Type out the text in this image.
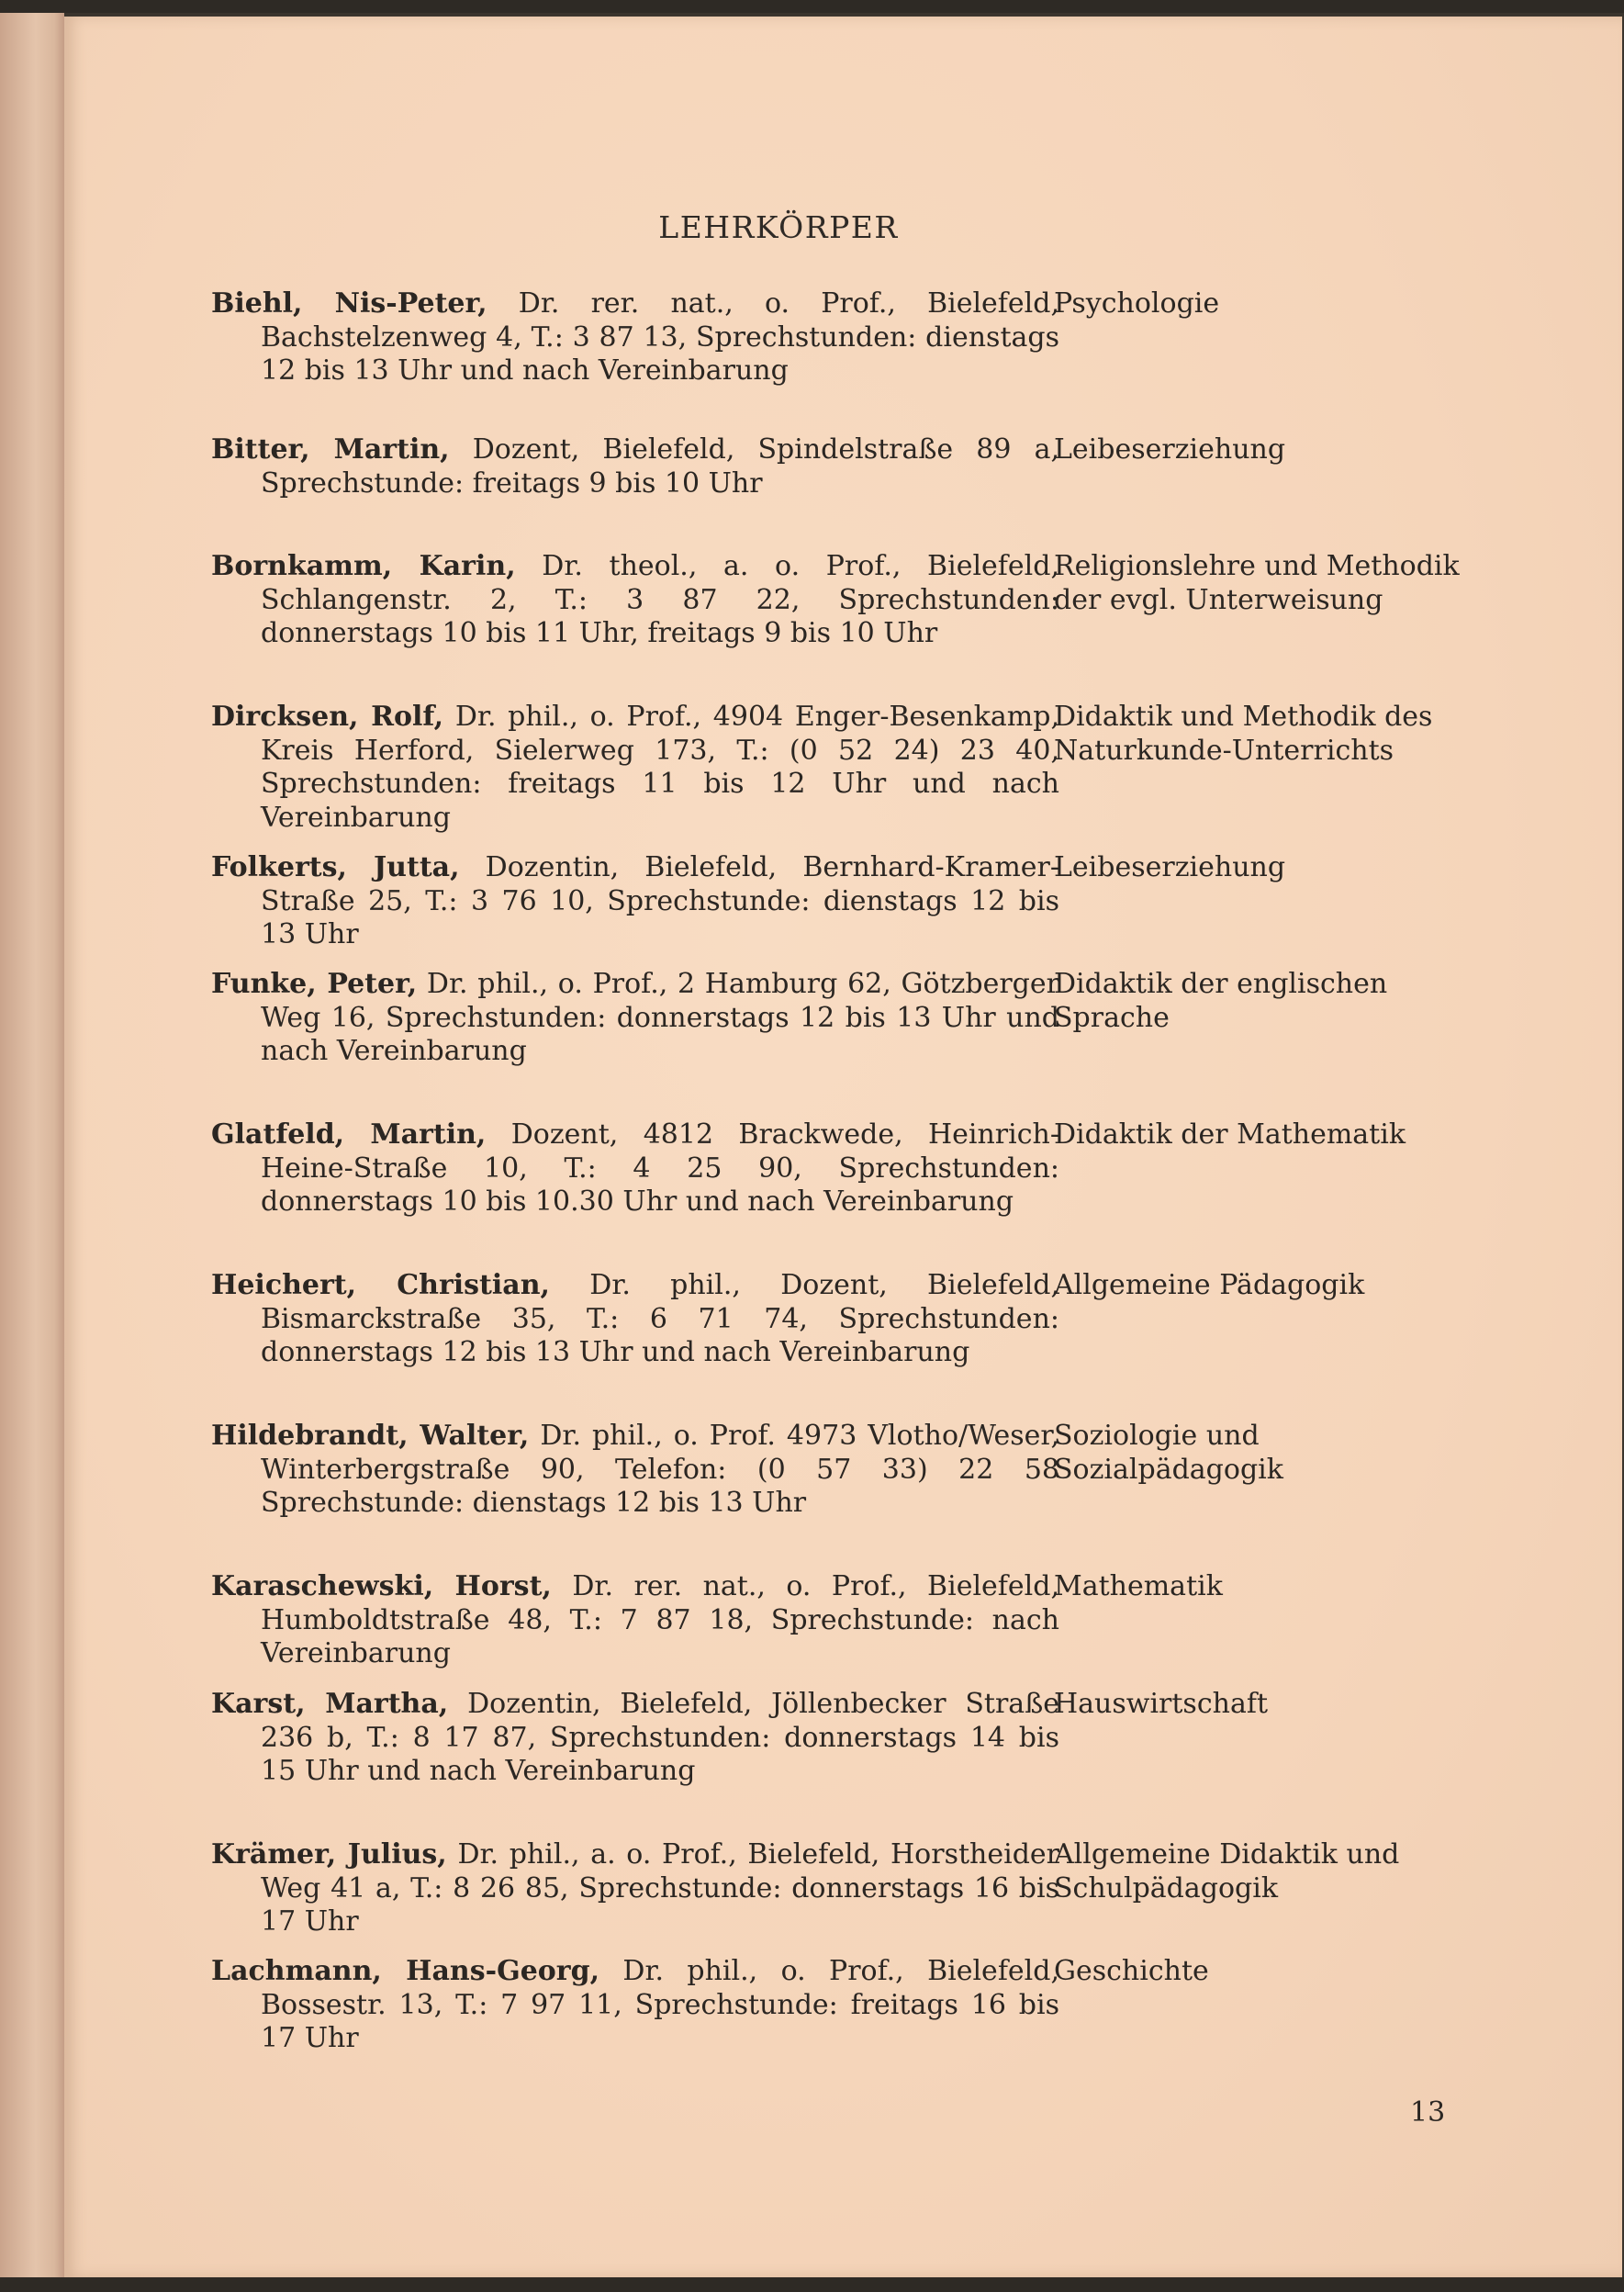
LEHRKÖRPER
Biehl, Nis-Peter, Dr. rer. nat., o. Prof., Bielefeld, Bachstelzenweg 4, T.: 3 87 13, Sprechstunden: dienstags 12 bis 13 Uhr und nach Vereinbarung
Psychologie
Bitter, Martin, Dozent, Bielefeld, Spindelstraße 89 a, Sprechstunde: freitags 9 bis 10 Uhr
Leibeserziehung
Bornkamm, Karin, Dr. theol., a. o. Prof., Bielefeld, Schlangenstr. 2, T.: 3 87 22, Sprechstunden: donnerstags 10 bis 11 Uhr, freitags 9 bis 10 Uhr
Religionslehre und Methodik der evgl. Unterweisung
Dircksen, Rolf, Dr. phil., o. Prof., 4904 Enger-Besenkamp, Kreis Herford, Sielerweg 173, T.: (0 52 24) 23 40, Sprechstunden: freitags 11 bis 12 Uhr und nach Vereinbarung
Didaktik und Methodik des Naturkunde-Unterrichts
Folkerts, Jutta, Dozentin, Bielefeld, Bernhard-Kramer-Straße 25, T.: 3 76 10, Sprechstunde: dienstags 12 bis 13 Uhr
Leibeserziehung
Funke, Peter, Dr. phil., o. Prof., 2 Hamburg 62, Götzberger Weg 16, Sprechstunden: donnerstags 12 bis 13 Uhr und nach Vereinbarung
Didaktik der englischen Sprache
Glatfeld, Martin, Dozent, 4812 Brackwede, Heinrich-Heine-Straße 10, T.: 4 25 90, Sprechstunden: donnerstags 10 bis 10.30 Uhr und nach Vereinbarung
Didaktik der Mathematik
Heichert, Christian, Dr. phil., Dozent, Bielefeld, Bismarckstraße 35, T.: 6 71 74, Sprechstunden: donnerstags 12 bis 13 Uhr und nach Vereinbarung
Allgemeine Pädagogik
Hildebrandt, Walter, Dr. phil., o. Prof. 4973 Vlotho/Weser, Winterbergstraße 90, Telefon: (0 57 33) 22 58 Sprechstunde: dienstags 12 bis 13 Uhr
Soziologie und Sozialpädagogik
Karaschewski, Horst, Dr. rer. nat., o. Prof., Bielefeld, Humboldtstraße 48, T.: 7 87 18, Sprechstunde: nach Vereinbarung
Mathematik
Karst, Martha, Dozentin, Bielefeld, Jöllenbecker Straße 236 b, T.: 8 17 87, Sprechstunden: donnerstags 14 bis 15 Uhr und nach Vereinbarung
Hauswirtschaft
Krämer, Julius, Dr. phil., a. o. Prof., Bielefeld, Horstheider Weg 41 a, T.: 8 26 85, Sprechstunde: donnerstags 16 bis 17 Uhr
Allgemeine Didaktik und Schulpädagogik
Lachmann, Hans-Georg, Dr. phil., o. Prof., Bielefeld, Bossestr. 13, T.: 7 97 11, Sprechstunde: freitags 16 bis 17 Uhr
Geschichte
13
